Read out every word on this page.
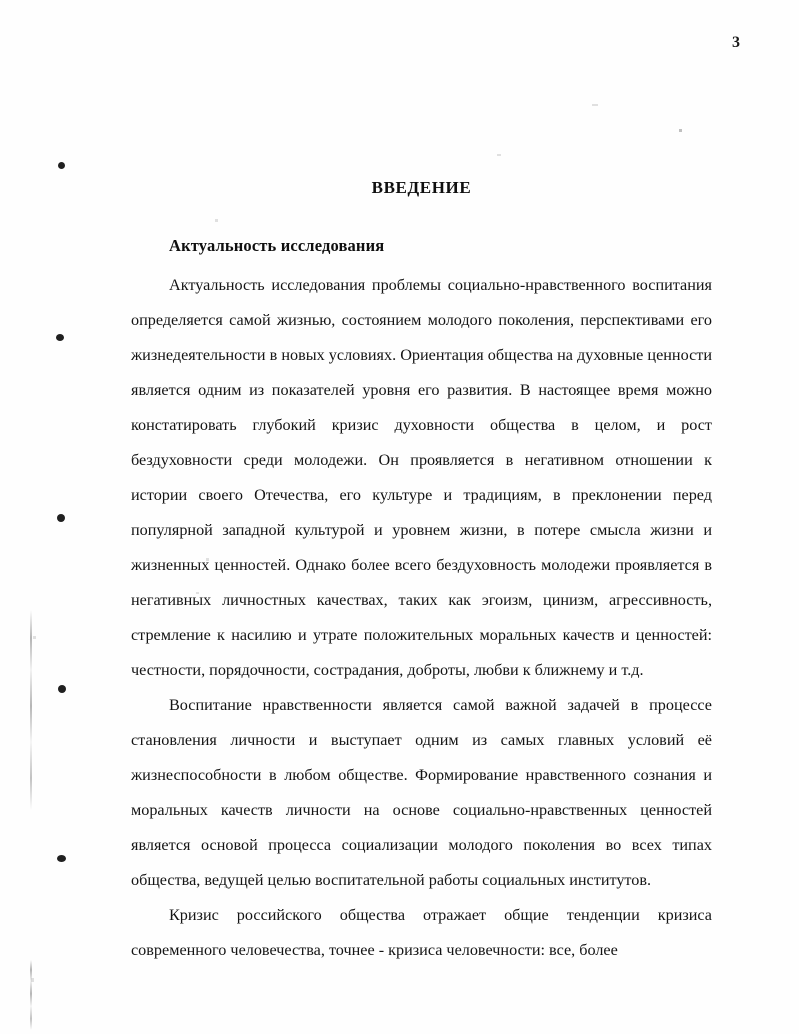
3
ВВЕДЕНИЕ
Актуальность исследования

Актуальность исследования проблемы социально-нравственного воспитания определяется самой жизнью, состоянием молодого поколения, перспективами его жизнедеятельности в новых условиях. Ориентация общества на духовные ценности является одним из показателей уровня его развития. В настоящее время можно констатировать глубокий кризис духовности общества в целом, и рост бездуховности среди молодежи. Он проявляется в негативном отношении к истории своего Отечества, его культуре и традициям, в преклонении перед популярной западной культурой и уровнем жизни, в потере смысла жизни и жизненных ценностей. Однако более всего бездуховность молодежи проявляется в негативных личностных качествах, таких как эгоизм, цинизм, агрессивность, стремление к насилию и утрате положительных моральных качеств и ценностей: честности, порядочности, сострадания, доброты, любви к ближнему и т.д.

Воспитание нравственности является самой важной задачей в процессе становления личности и выступает одним из самых главных условий её жизнеспособности в любом обществе. Формирование нравственного сознания и моральных качеств личности на основе социально-нравственных ценностей является основой процесса социализации молодого поколения во всех типах общества, ведущей целью воспитательной работы социальных институтов.

Кризис российского общества отражает общие тенденции кризиса современного человечества, точнее - кризиса человечности: все, более
